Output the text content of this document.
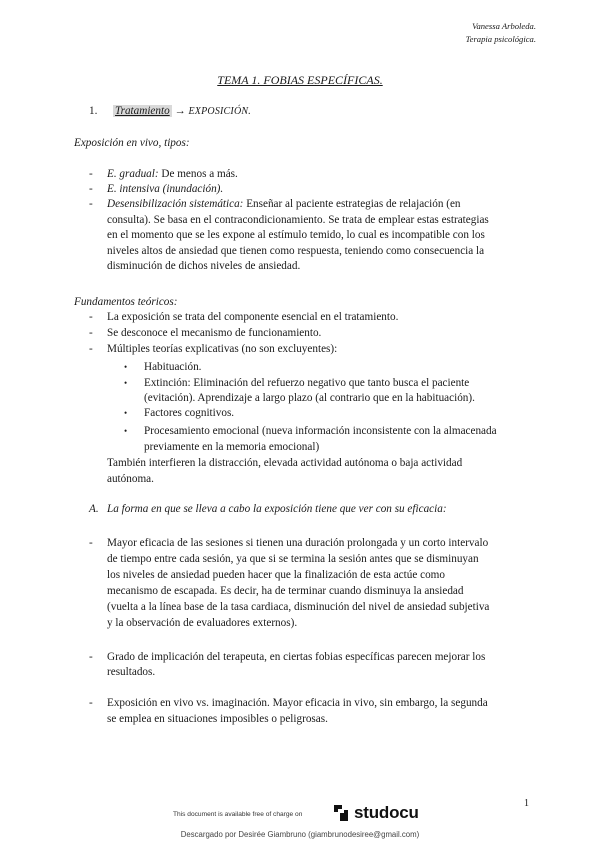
Vanessa Arboleda.
Terapia psicológica.
TEMA 1. FOBIAS ESPECÍFICAS.
1. Tratamiento → EXPOSICIÓN.
Exposición en vivo, tipos:
- E. gradual: De menos a más.
- E. intensiva (inundación).
- Desensibilización sistemática: Enseñar al paciente estrategias de relajación (en
consulta). Se basa en el contracondicionamiento. Se trata de emplear estas estrategias
en el momento que se les expone al estímulo temido, lo cual es incompatible con los
niveles altos de ansiedad que tienen como respuesta, teniendo como consecuencia la
disminución de dichos niveles de ansiedad.
Fundamentos teóricos:
- La exposición se trata del componente esencial en el tratamiento.
- Se desconoce el mecanismo de funcionamiento.
- Múltiples teorías explicativas (no son excluyentes):
• Habituación.
• Extinción: Eliminación del refuerzo negativo que tanto busca el paciente
(evitación). Aprendizaje a largo plazo (al contrario que en la habituación).
• Factores cognitivos.
• Procesamiento emocional (nueva información inconsistente con la almacenada
previamente en la memoria emocional)
También interfieren la distracción, elevada actividad autónoma o baja actividad
autónoma.
A. La forma en que se lleva a cabo la exposición tiene que ver con su eficacia:
- Mayor eficacia de las sesiones si tienen una duración prolongada y un corto intervalo
de tiempo entre cada sesión, ya que si se termina la sesión antes que se disminuyan
los niveles de ansiedad pueden hacer que la finalización de esta actúe como
mecanismo de escapada. Es decir, ha de terminar cuando disminuya la ansiedad
(vuelta a la línea base de la tasa cardiaca, disminución del nivel de ansiedad subjetiva
y la observación de evaluadores externos).
- Grado de implicación del terapeuta, en ciertas fobias específicas parecen mejorar los
resultados.
- Exposición en vivo vs. imaginación. Mayor eficacia in vivo, sin embargo, la segunda
se emplea en situaciones imposibles o peligrosas.
1
This document is available free of charge on	studocu
Descargado por Desirée Giambruno (giambrunodesiree@gmail.com)
